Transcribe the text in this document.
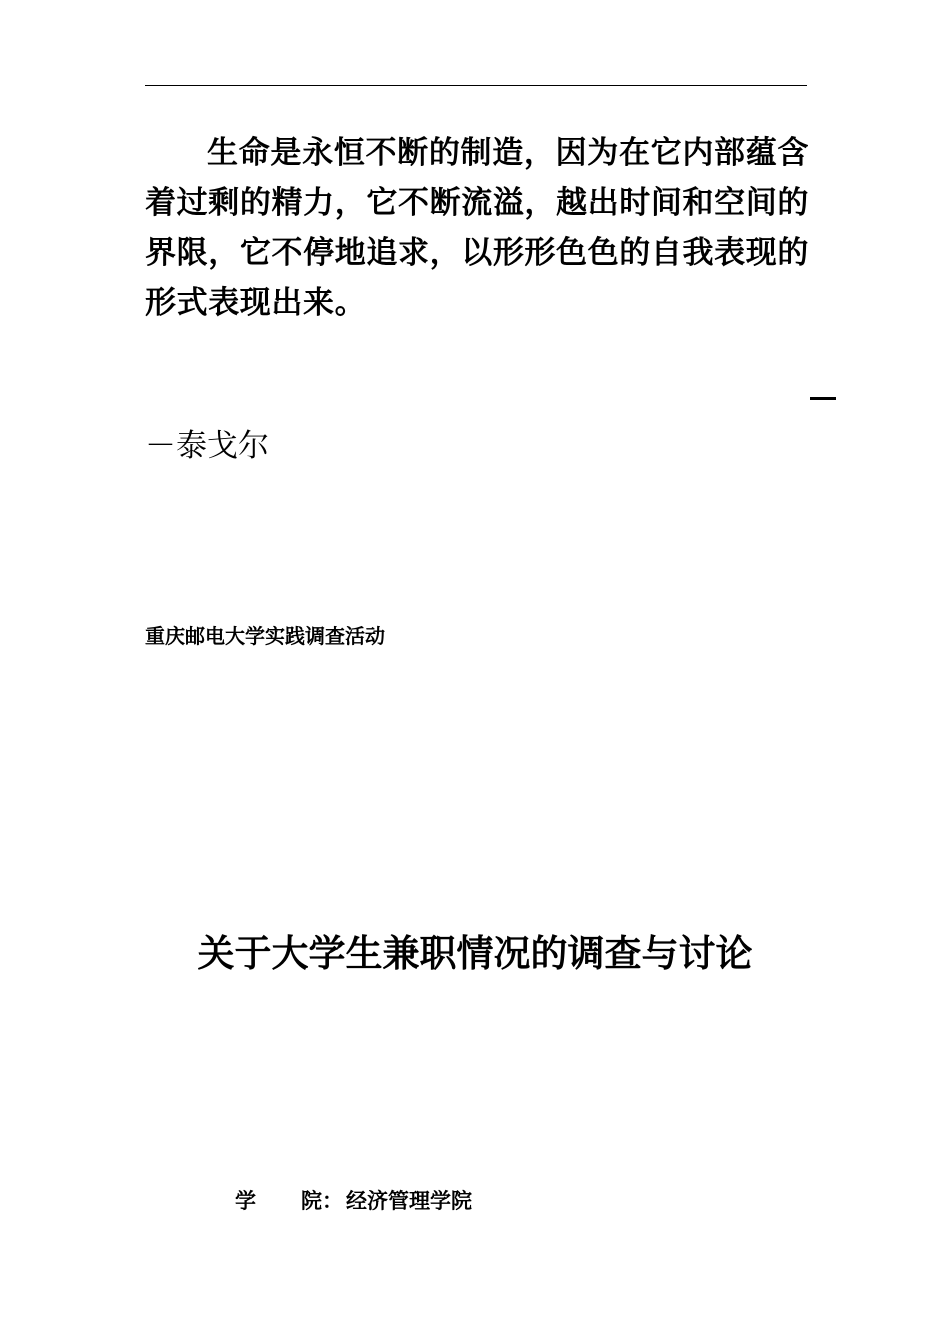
生命是永恒不断的制造，因为在它内部蕴含着过剩的精力，它不断流溢，越出时间和空间的界限，它不停地追求，以形形色色的自我表现的形式表现出来。

－泰戈尔

重庆邮电大学实践调查活动

关于大学生兼职情况的调查与讨论
学 院： 经济管理学院
